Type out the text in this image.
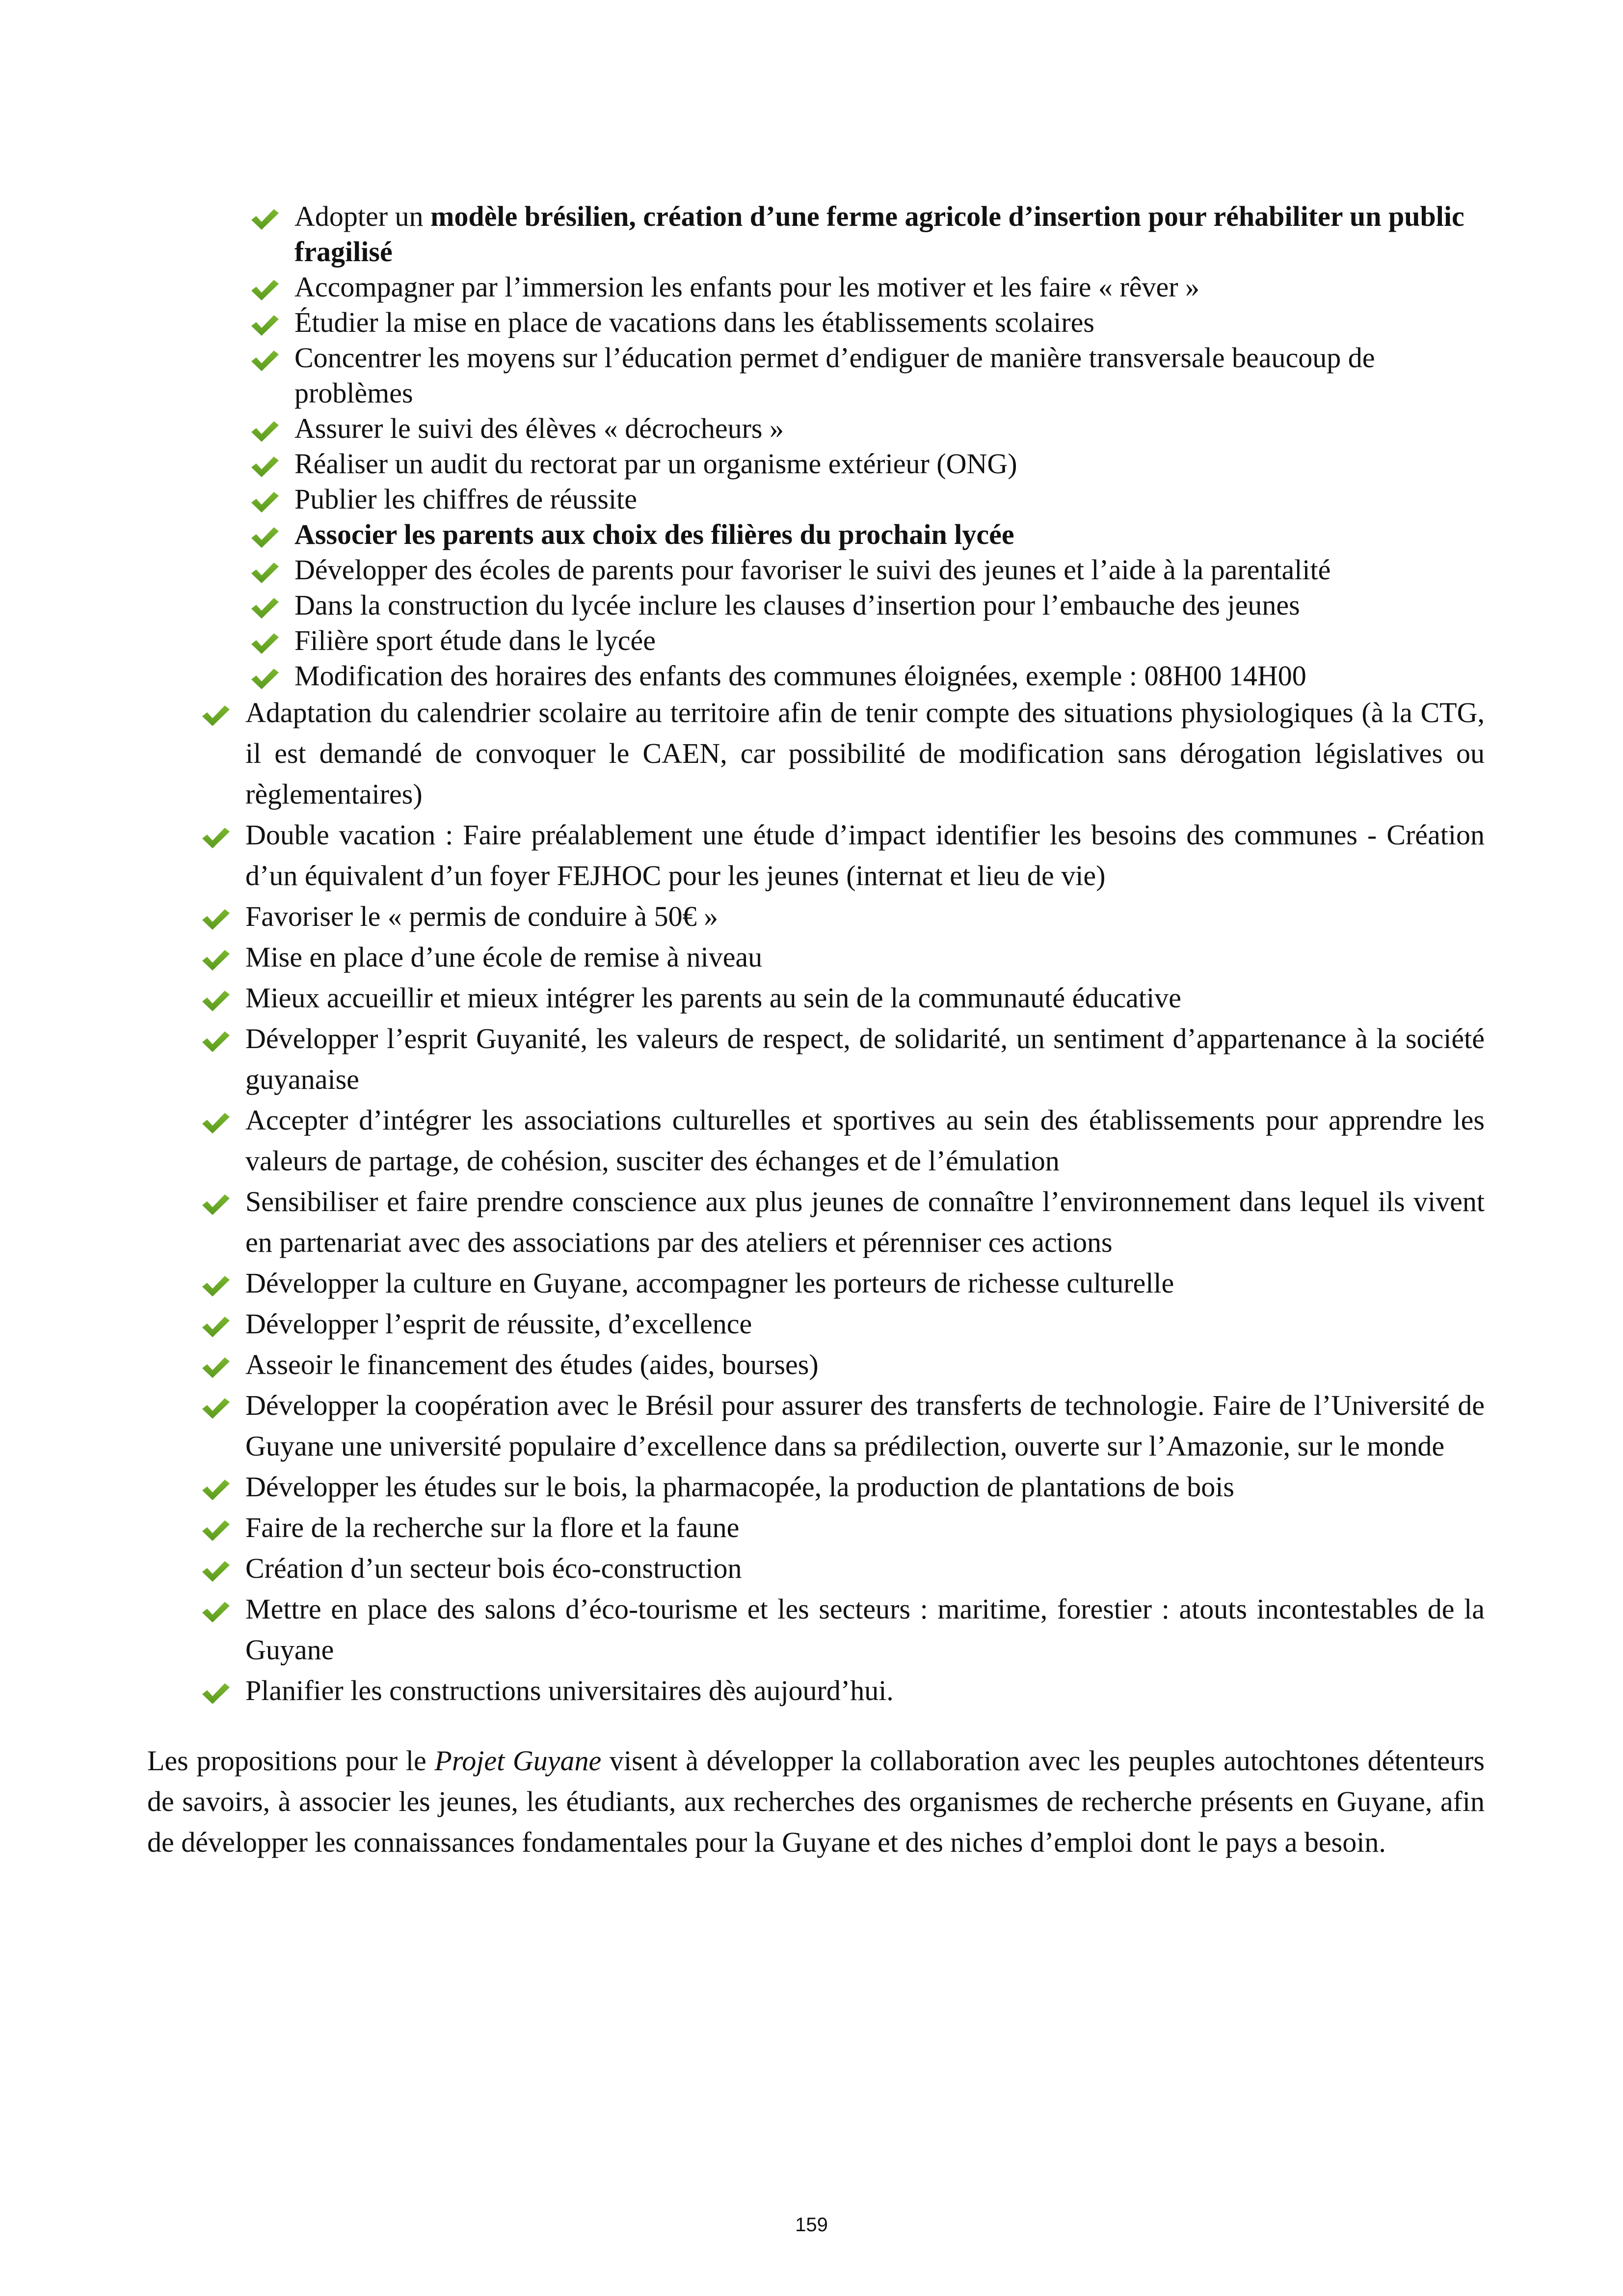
Adopter un modèle brésilien, création d’une ferme agricole d’insertion pour réhabiliter un public fragilisé
Accompagner par l’immersion les enfants pour les motiver et les faire « rêver »
Étudier la mise en place de vacations dans les établissements scolaires
Concentrer les moyens sur l’éducation permet d’endiguer de manière transversale beaucoup de problèmes
Assurer le suivi des élèves « décrocheurs »
Réaliser un audit du rectorat par un organisme extérieur (ONG)
Publier les chiffres de réussite
Associer les parents aux choix des filières du prochain lycée
Développer des écoles de parents pour favoriser le suivi des jeunes et l’aide à la parentalité
Dans la construction du lycée inclure les clauses d’insertion pour l’embauche des jeunes
Filière sport étude dans le lycée
Modification des horaires des enfants des communes éloignées, exemple : 08H00 14H00
Adaptation du calendrier scolaire au territoire afin de tenir compte des situations physiologiques (à la CTG, il est demandé de convoquer le CAEN, car possibilité de modification sans dérogation législatives ou règlementaires)
Double vacation : Faire préalablement une étude d’impact identifier les besoins des communes - Création d’un équivalent d’un foyer FEJHOC pour les jeunes (internat et lieu de vie)
Favoriser le « permis de conduire à 50€ »
Mise en place d’une école de remise à niveau
Mieux accueillir et mieux intégrer les parents au sein de la communauté éducative
Développer l’esprit Guyanité, les valeurs de respect, de solidarité, un sentiment d’appartenance à la société guyanaise
Accepter d’intégrer les associations culturelles et sportives au sein des établissements pour apprendre les valeurs de partage, de cohésion, susciter des échanges et de l’émulation
Sensibiliser et faire prendre conscience aux plus jeunes de connaître l’environnement dans lequel ils vivent en partenariat avec des associations par des ateliers et pérenniser ces actions
Développer la culture en Guyane, accompagner les porteurs de richesse culturelle
Développer l’esprit de réussite, d’excellence
Asseoir le financement des études (aides, bourses)
Développer la coopération avec le Brésil pour assurer des transferts de technologie. Faire de l’Université de Guyane une université populaire d’excellence dans sa prédilection, ouverte sur l’Amazonie, sur le monde
Développer les études sur le bois, la pharmacopée, la production de plantations de bois
Faire de la recherche sur la flore et la faune
Création d’un secteur bois éco-construction
Mettre en place des salons d’éco-tourisme et les secteurs : maritime, forestier : atouts incontestables de la Guyane
Planifier les constructions universitaires dès aujourd’hui.

Les propositions pour le Projet Guyane visent à développer la collaboration avec les peuples autochtones détenteurs de savoirs, à associer les jeunes, les étudiants, aux recherches des organismes de recherche présents en Guyane, afin de développer les connaissances fondamentales pour la Guyane et des niches d’emploi dont le pays a besoin.

159
